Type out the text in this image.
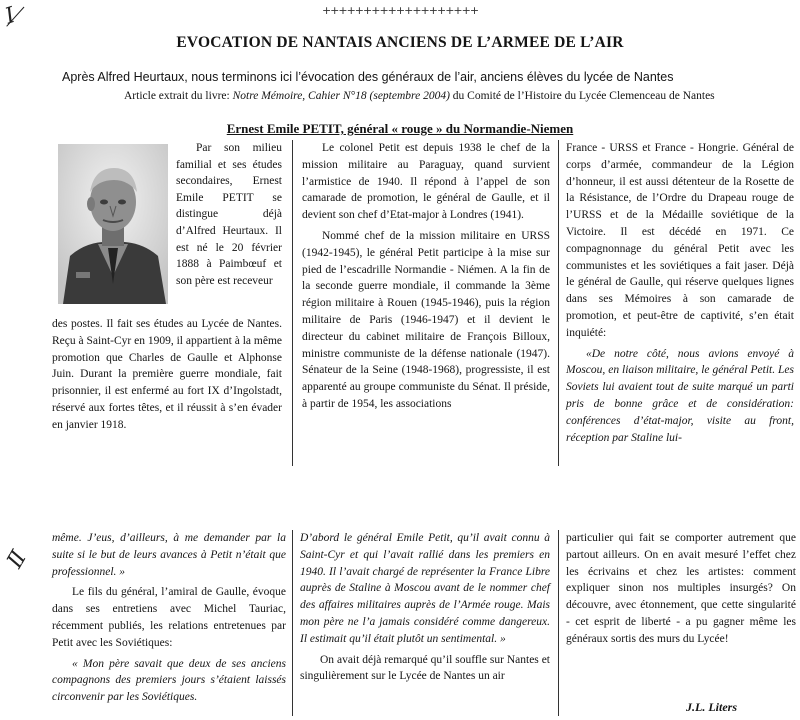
I
II
+++++++++++++++++++
EVOCATION DE NANTAIS ANCIENS DE L’ARMEE DE L’AIR
Après Alfred Heurtaux, nous terminons ici l’évocation des généraux de l’air, anciens élèves du lycée de Nantes
Article extrait du livre: Notre Mémoire, Cahier N°18 (septembre 2004) du Comité de l’Histoire du Lycée Clemenceau de Nantes
Ernest Emile PETIT, général « rouge » du Normandie-Niemen

Par son milieu familial et ses études secondaires, Ernest Emile PETIT se distingue déjà d’Alfred Heurtaux. Il est né le 20 février 1888 à Paimbœuf et son père est receveur

des postes. Il fait ses études au Lycée de Nantes. Reçu à Saint-Cyr en 1909, il appartient à la même promotion que Charles de Gaulle et Alphonse Juin. Durant la première guerre mondiale, fait prisonnier, il est enfermé au fort IX d’Ingolstadt, réservé aux fortes têtes, et il réussit à s’en évader en janvier 1918.

Le colonel Petit est depuis 1938 le chef de la mission militaire au Paraguay, quand survient l’armistice de 1940. Il répond à l’appel de son camarade de promotion, le général de Gaulle, et il devient son chef d’Etat-major à Londres (1941).

Nommé chef de la mission militaire en URSS (1942-1945), le général Petit participe à la mise sur pied de l’escadrille Normandie - Niémen. A la fin de la seconde guerre mondiale, il commande la 3ème région militaire à Rouen (1945-1946), puis la région militaire de Paris (1946-1947) et il devient le directeur du cabinet militaire de François Billoux, ministre communiste de la défense nationale (1947). Sénateur de la Seine (1948-1968), progressiste, il est apparenté au groupe communiste du Sénat. Il préside, à partir de 1954, les associations

France - URSS et France - Hongrie. Général de corps d’armée, commandeur de la Légion d’honneur, il est aussi détenteur de la Rosette de la Résistance, de l’Ordre du Drapeau rouge de l’URSS et de la Médaille soviétique de la Victoire. Il est décédé en 1971. Ce compagnonnage du général Petit avec les communistes et les soviétiques a fait jaser. Déjà le général de Gaulle, qui réserve quelques lignes dans ses Mémoires à son camarade de promotion, et peut-être de captivité, s’en était inquiété:

«De notre côté, nous avions envoyé à Moscou, en liaison militaire, le général Petit. Les Soviets lui avaient tout de suite marqué un parti pris de bonne grâce et de considération: conférences d’état-major, visite au front, réception par Staline lui-

même. J’eus, d’ailleurs, à me demander par la suite si le but de leurs avances à Petit n’était que professionnel. »

Le fils du général, l’amiral de Gaulle, évoque dans ses entretiens avec Michel Tauriac, récemment publiés, les relations entretenues par Petit avec les Soviétiques:

« Mon père savait que deux de ses anciens compagnons des premiers jours s’étaient laissés circonvenir par les Soviétiques.

D’abord le général Emile Petit, qu’il avait connu à Saint-Cyr et qui l’avait rallié dans les premiers en 1940. Il l’avait chargé de représenter la France Libre auprès de Staline à Moscou avant de le nommer chef des affaires militaires auprès de l’Armée rouge. Mais mon père ne l’a jamais considéré comme dangereux. Il estimait qu’il était plutôt un sentimental. »

On avait déjà remarqué qu’il souffle sur Nantes et singulièrement sur le Lycée de Nantes un air

particulier qui fait se comporter autrement que partout ailleurs. On en avait mesuré l’effet chez les écrivains et chez les artistes: comment expliquer sinon nos multiples insurgés? On découvre, avec étonnement, que cette singularité - cet esprit de liberté - a pu gagner même les généraux sortis des murs du Lycée!

J.L. Liters
